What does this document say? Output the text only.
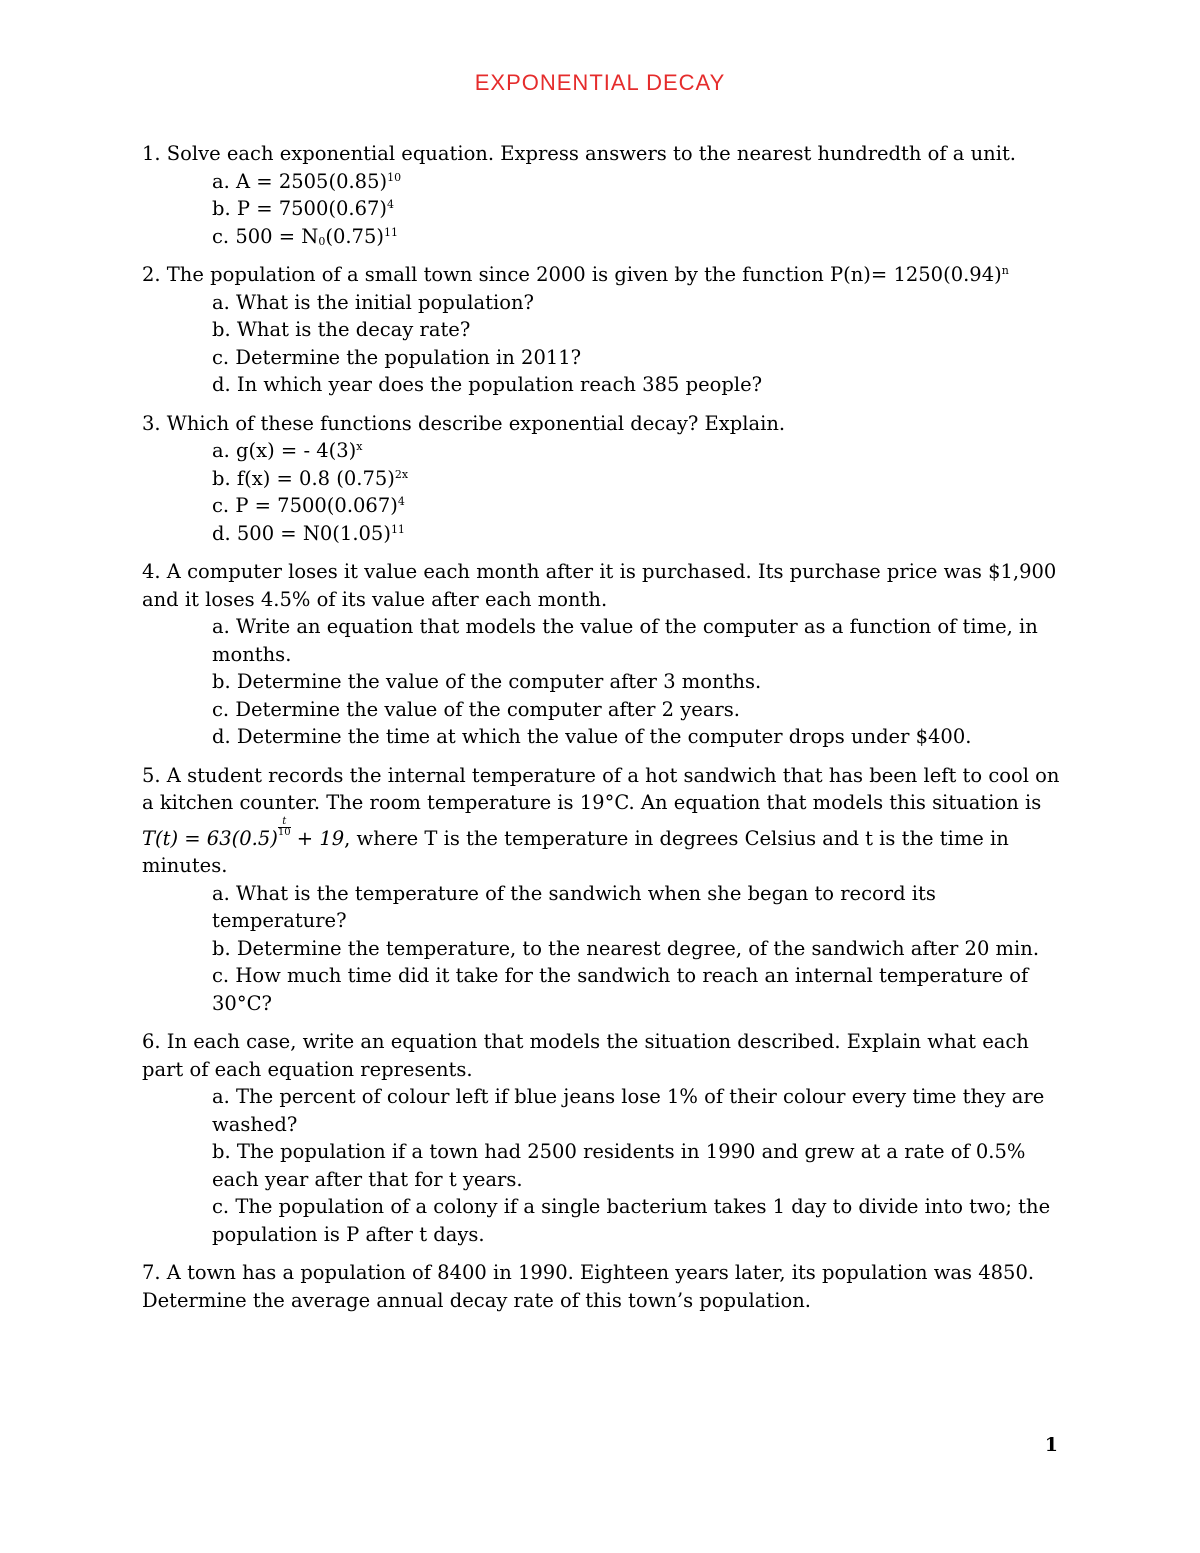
EXPONENTIAL DECAY
1. Solve each exponential equation. Express answers to the nearest hundredth of a unit.
a. $A = 2505(0.85)^{10}$
b. $P = 7500(0.67)^4$
c. $500 = N_0(0.75)^{11}$
2. The population of a small town since 2000 is given by the function $P(n)= 1250(0.94)^n$
a. What is the initial population?
b. What is the decay rate?
c. Determine the population in 2011?
d. In which year does the population reach 385 people?
3. Which of these functions describe exponential decay? Explain.
a. g(x) = - $4(3)^x$
b. f(x) = 0.8 $(0.75)^{2x}$
c. $P = 7500(0.067)^4$
d. $500 = N0(1.05)^{11}$
4. A computer loses it value each month after it is purchased. Its purchase price was $1,900 and it loses 4.5% of its value after each month.
a. Write an equation that models the value of the computer as a function of time, in months.
b. Determine the value of the computer after 3 months.
c. Determine the value of the computer after 2 years.
d. Determine the time at which the value of the computer drops under $400.
5. A student records the internal temperature of a hot sandwich that has been left to cool on a kitchen counter. The room temperature is 19°C. An equation that models this situation is $T(t) = 63(0.5) \frac{t}{10} + 19$, where T is the temperature in degrees Celsius and t is the time in minutes.
a. What is the temperature of the sandwich when she began to record its temperature?
b. Determine the temperature, to the nearest degree, of the sandwich after 20 min.
c. How much time did it take for the sandwich to reach an internal temperature of 30°C?
6. In each case, write an equation that models the situation described. Explain what each part of each equation represents.
a. The percent of colour left if blue jeans lose 1% of their colour every time they are washed?
b. The population if a town had 2500 residents in 1990 and grew at a rate of 0.5% each year after that for t years.
c. The population of a colony if a single bacterium takes 1 day to divide into two; the population is P after t days.
7. A town has a population of 8400 in 1990. Eighteen years later, its population was 4850. Determine the average annual decay rate of this town’s population.
1
